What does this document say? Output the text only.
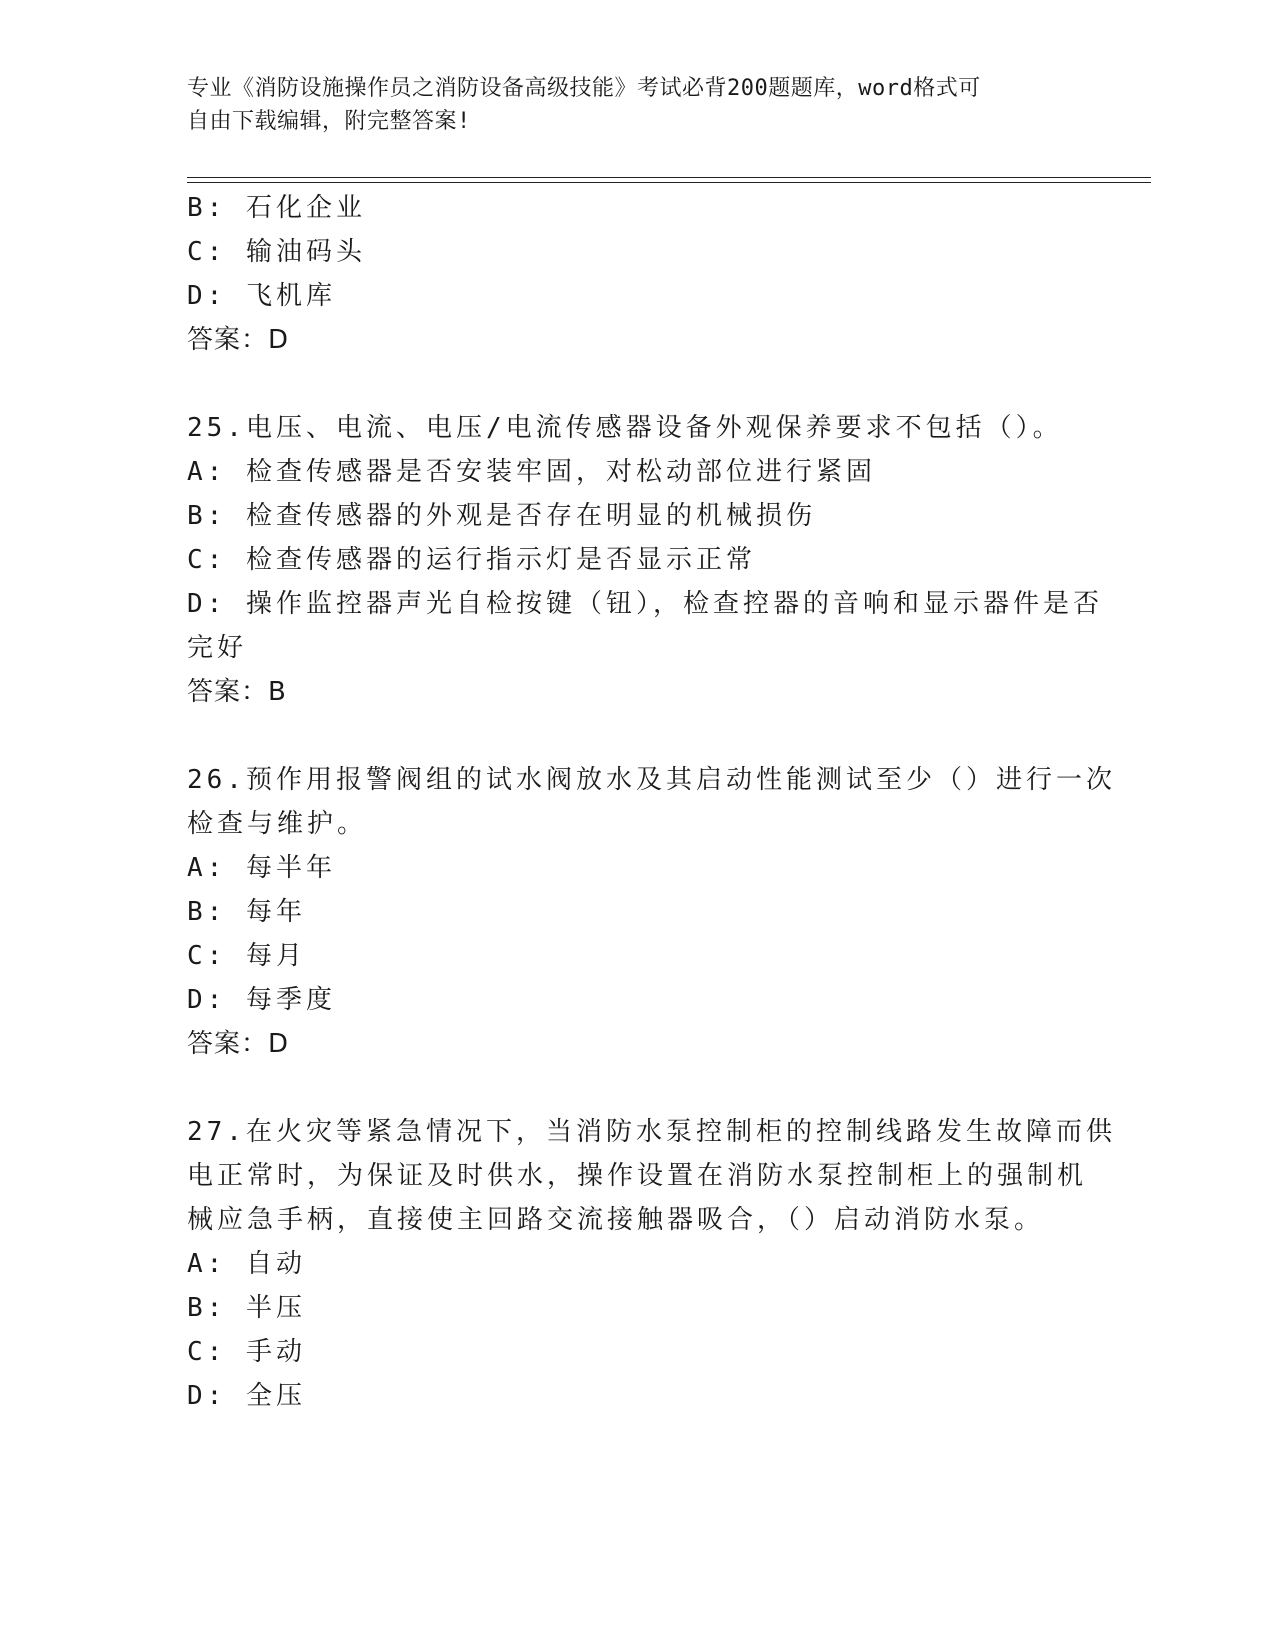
专业《消防设施操作员之消防设备高级技能》考试必背200题题库，word格式可
自由下载编辑，附完整答案!
B: 石化企业
C: 输油码头
D: 飞机库
答案：D
25.电压、电流、电压/电流传感器设备外观保养要求不包括（）。
A: 检查传感器是否安装牢固，对松动部位进行紧固
B: 检查传感器的外观是否存在明显的机械损伤
C: 检查传感器的运行指示灯是否显示正常
D: 操作监控器声光自检按键（钮），检查控器的音响和显示器件是否
完好
答案：B
26.预作用报警阀组的试水阀放水及其启动性能测试至少（）进行一次
检查与维护。
A: 每半年
B: 每年
C: 每月
D: 每季度
答案：D
27.在火灾等紧急情况下，当消防水泵控制柜的控制线路发生故障而供
电正常时，为保证及时供水，操作设置在消防水泵控制柜上的强制机
械应急手柄，直接使主回路交流接触器吸合，（）启动消防水泵。
A: 自动
B: 半压
C: 手动
D: 全压
